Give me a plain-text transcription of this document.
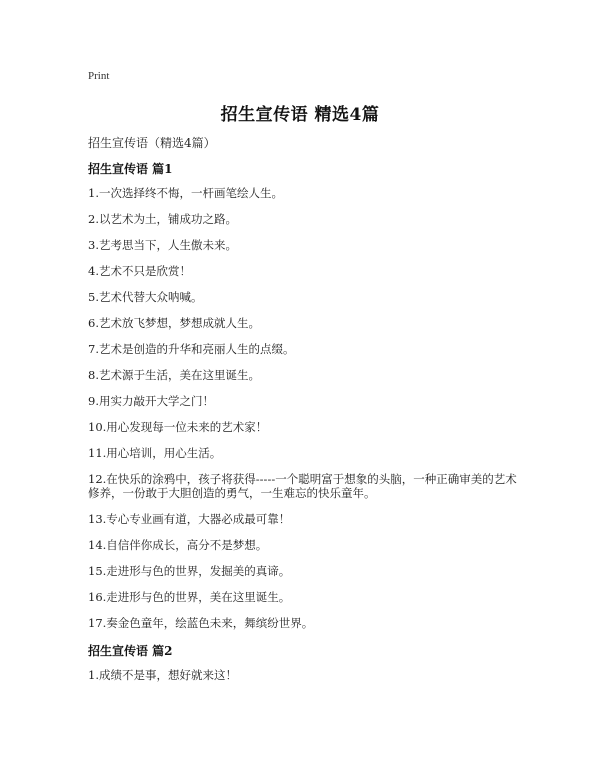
Print
招生宣传语 精选4篇
招生宣传语（精选4篇）
招生宣传语 篇1

1.一次选择终不悔，一杆画笔绘人生。

2.以艺术为土，铺成功之路。

3.艺考思当下，人生傲未来。

4.艺术不只是欣赏！

5.艺术代替大众呐喊。

6.艺术放飞梦想，梦想成就人生。

7.艺术是创造的升华和亮丽人生的点缀。

8.艺术源于生活，美在这里诞生。

9.用实力敲开大学之门！

10.用心发现每一位未来的艺术家！

11.用心培训，用心生活。

12.在快乐的涂鸦中，孩子将获得-----一个聪明富于想象的头脑，一种正确审美的艺术修养，一份敢于大胆创造的勇气，一生难忘的快乐童年。

13.专心专业画有道，大器必成最可靠！

14.自信伴你成长，高分不是梦想。

15.走进形与色的世界，发掘美的真谛。

16.走进形与色的世界，美在这里诞生。

17.奏金色童年，绘蓝色未来，舞缤纷世界。

招生宣传语 篇2

1.成绩不是事，想好就来这！
